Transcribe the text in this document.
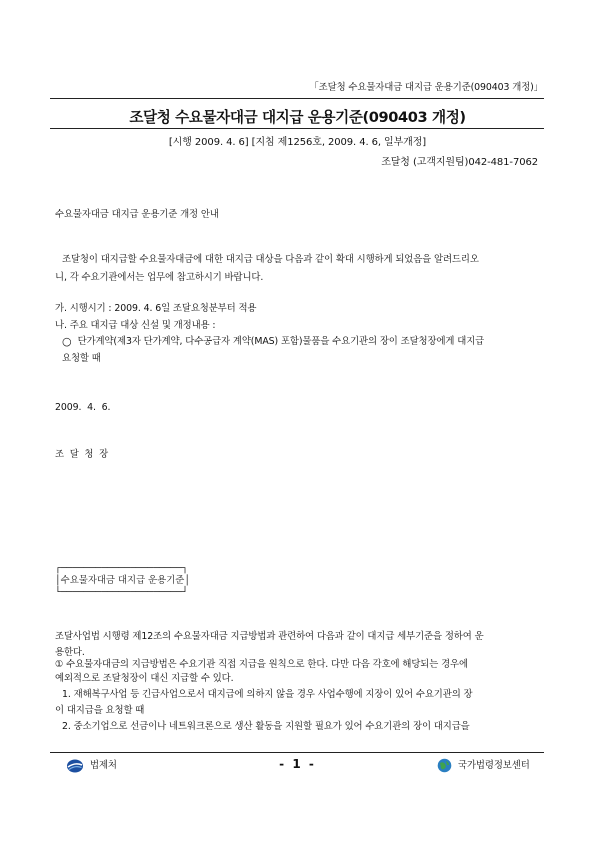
「조달청 수요물자대금 대지급 운용기준(090403 개정)」
조달청 수요물자대금 대지급 운용기준(090403 개정)
[시행 2009. 4. 6] [지침 제1256호, 2009. 4. 6, 일부개정]
조달청 (고객지원팀)042-481-7062
수요물자대금 대지급 운용기준 개정 안내
조달청이 대지급할 수요물자대금에 대한 대지급 대상을 다음과 같이 확대 시행하게 되었음을 알려드리오
니, 각 수요기관에서는 업무에 참고하시기 바랍니다.
가. 시행시기 : 2009. 4. 6일 조달요청분부터 적용
나. 주요 대지급 대상 신설 및 개정내용 :
○ 단가계약(제3자 단가계약, 다수공급자 계약(MAS) 포함)물품을 수요기관의 장이 조달청장에게 대지급
요청할 때
2009.  4.  6.
조  달  청  장
┌─────────────────────┐
│수요물자대금 대지급 운용기준│
└─────────────────────┘
조달사업법 시행령 제12조의 수요물자대금 지급방법과 관련하여 다음과 같이 대지급 세부기준을 정하여 운
용한다.
① 수요물자대금의 지급방법은 수요기관 직접 지급을 원칙으로 한다. 다만 다음 각호에 해당되는 경우에
예외적으로 조달청장이 대신 지급할 수 있다.
1. 재해복구사업 등 긴급사업으로서 대지급에 의하지 않을 경우 사업수행에 지장이 있어 수요기관의 장
이 대지급을 요청할 때
2. 중소기업으로 선금이나 네트워크론으로 생산 활동을 지원할 필요가 있어 수요기관의 장이 대지급을
법제처	- 1 -	국가법령정보센터
